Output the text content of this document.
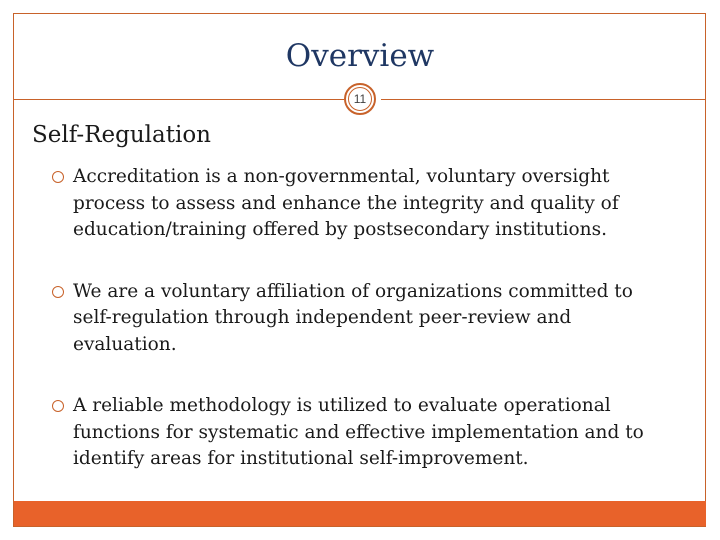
Overview
11
Self-Regulation
Accreditation is a non-governmental, voluntary oversight process to assess and enhance the integrity and quality of education/training offered by postsecondary institutions.
We are a voluntary affiliation of organizations committed to self-regulation through independent peer-review and evaluation.
A reliable methodology is utilized to evaluate operational functions for systematic and effective implementation and to identify areas for institutional self-improvement.
